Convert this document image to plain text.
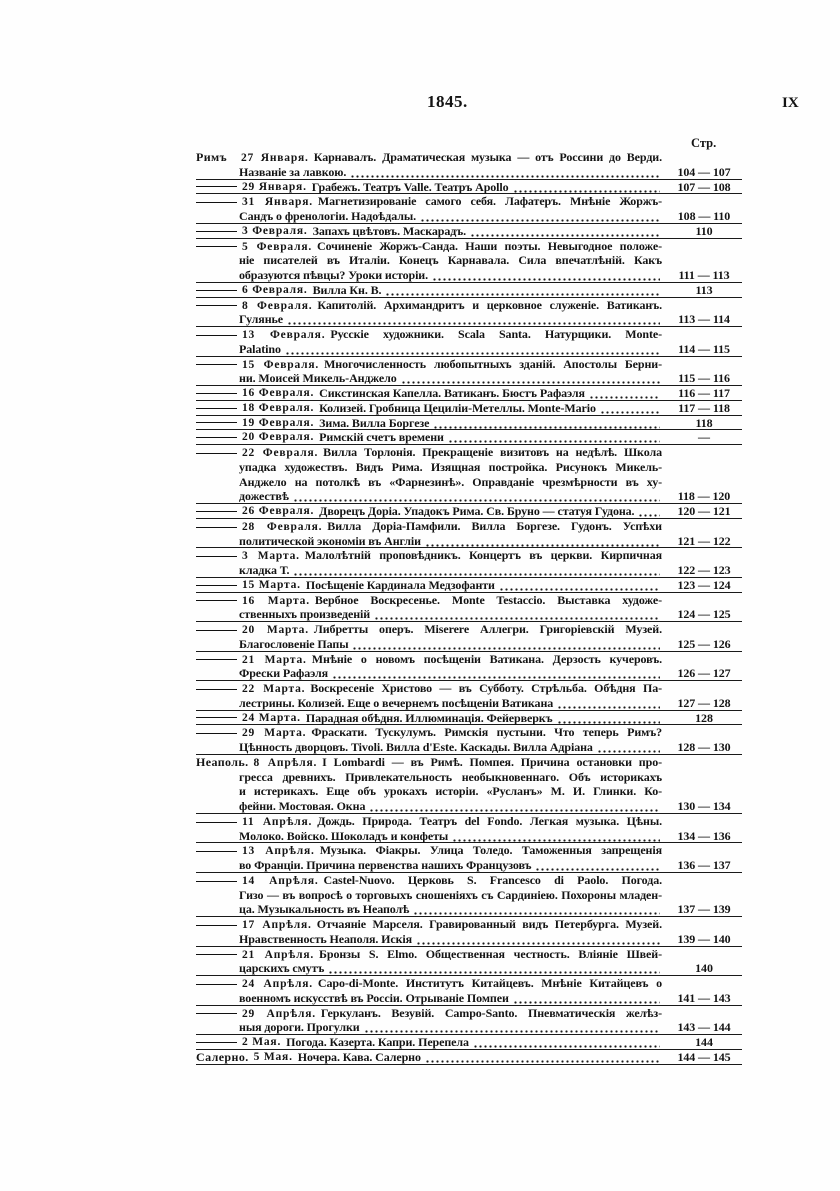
1845.	IX
Стр.
Римъ 27 Января. Карнавалъ. Драматическая музыка — отъ Россини до Верди.
Названіе за лавкою.	104 — 107
29 Января. Грабежъ. Театръ Valle. Театръ Apollo	107 — 108
31 Января. Магнетизированіе самого себя. Лафатеръ. Мнѣніе Жоржъ-
Сандъ о френологіи. Надоѣдалы.	108 — 110
3 Февраля. Запахъ цвѣтовъ. Маскарадъ.	110
5 Февраля. Сочиненіе Жоржъ-Санда. Наши поэты. Невыгодное положе-
ніе писателей въ Италіи. Конецъ Карнавала. Сила впечатлѣній. Какъ
образуются пѣвцы? Уроки исторіи.	111 — 113
6 Февраля. Вилла Кн. В.	113
8 Февраля. Капитолій. Архимандритъ и церковное служеніе. Ватиканъ.
Гулянье	113 — 114
13 Февраля. Русскіе художники. Scala Santa. Натурщики. Monte-
Palatino	114 — 115
15 Февраля. Многочисленность любопытныхъ зданій. Апостолы Берни-
ни. Моисей Микель-Анджело	115 — 116
16 Февраля. Сикстинская Капелла. Ватиканъ. Бюстъ Рафаэля	116 — 117
18 Февраля. Колизей. Гробница Цециліи-Метеллы. Monte-Mario	117 — 118
19 Февраля. Зима. Вилла Боргезе	118
20 Февраля. Римскій счетъ времени	—
22 Февраля. Вилла Торлонія. Прекращеніе визитовъ на недѣлѣ. Школа
упадка художествъ. Видъ Рима. Изящная постройка. Рисунокъ Микель-
Анджело на потолкѣ въ «Фарнезинѣ». Оправданіе чрезмѣрности въ ху-
дожествѣ	118 — 120
26 Февраля. Дворецъ Доріа. Упадокъ Рима. Св. Бруно — статуя Гудона.	120 — 121
28 Февраля. Вилла Доріа-Памфили. Вилла Боргезе. Гудонъ. Успѣхи
политической экономіи въ Англіи	121 — 122
3 Марта. Малолѣтній проповѣдникъ. Концертъ въ церкви. Кирпичная
кладка Т.	122 — 123
15 Марта. Посѣщеніе Кардинала Медзофанти	123 — 124
16 Марта. Вербное Воскресенье. Monte Testaccio. Выставка художе-
ственныхъ произведеній	124 — 125
20 Марта. Либретты оперъ. Miserere Аллегри. Григоріевскій Музей.
Благословеніе Папы	125 — 126
21 Марта. Мнѣніе о новомъ посѣщеніи Ватикана. Дерзость кучеровъ.
Фрески Рафаэля	126 — 127
22 Марта. Воскресеніе Христово — въ Субботу. Стрѣльба. Обѣдня Па-
лестрины. Колизей. Еще о вечернемъ посѣщеніи Ватикана	127 — 128
24 Марта. Парадная обѣдня. Иллюминація. Фейерверкъ	128
29 Марта. Фраскати. Тускулумъ. Римскія пустыни. Что теперь Римъ?
Цѣнность дворцовъ. Tivoli. Вилла d'Este. Каскады. Вилла Адріана	128 — 130
Неаполь. 8 Апрѣля. I Lombardi — въ Римѣ. Помпея. Причина остановки про-
гресса древнихъ. Привлекательность необыкновеннаго. Объ историкахъ
и истерикахъ. Еще объ урокахъ исторіи. «Русланъ» М. И. Глинки. Ко-
фейни. Мостовая. Окна	130 — 134
11 Апрѣля. Дождь. Природа. Театръ del Fondo. Легкая музыка. Цѣны.
Молоко. Войско. Шоколадъ и конфеты	134 — 136
13 Апрѣля. Музыка. Фіакры. Улица Толедо. Таможенныя запрещенія
во Франціи. Причина первенства нашихъ Французовъ	136 — 137
14 Апрѣля. Castel-Nuovo. Церковь S. Francesco di Paolo. Погода.
Гизо — въ вопросѣ о торговыхъ сношеніяхъ съ Сардиніею. Похороны младен-
ца. Музыкальность въ Неаполѣ	137 — 139
17 Апрѣля. Отчаяніе Марселя. Гравированный видъ Петербурга. Музей.
Нравственность Неаполя. Искія	139 — 140
21 Апрѣля. Бронзы S. Elmo. Общественная честность. Вліяніе Швей-
царскихъ смутъ	140
24 Апрѣля. Capo-di-Monte. Институтъ Китайцевъ. Мнѣніе Китайцевъ о
военномъ искусствѣ въ Россіи. Отрываніе Помпеи	141 — 143
29 Апрѣля. Геркуланъ. Везувій. Campo-Santo. Пневматическія желѣз-
ныя дороги. Прогулки	143 — 144
2 Мая. Погода. Казерта. Капри. Перепела	144
Салерно. 5 Мая. Ночера. Кава. Салерно	144 — 145
